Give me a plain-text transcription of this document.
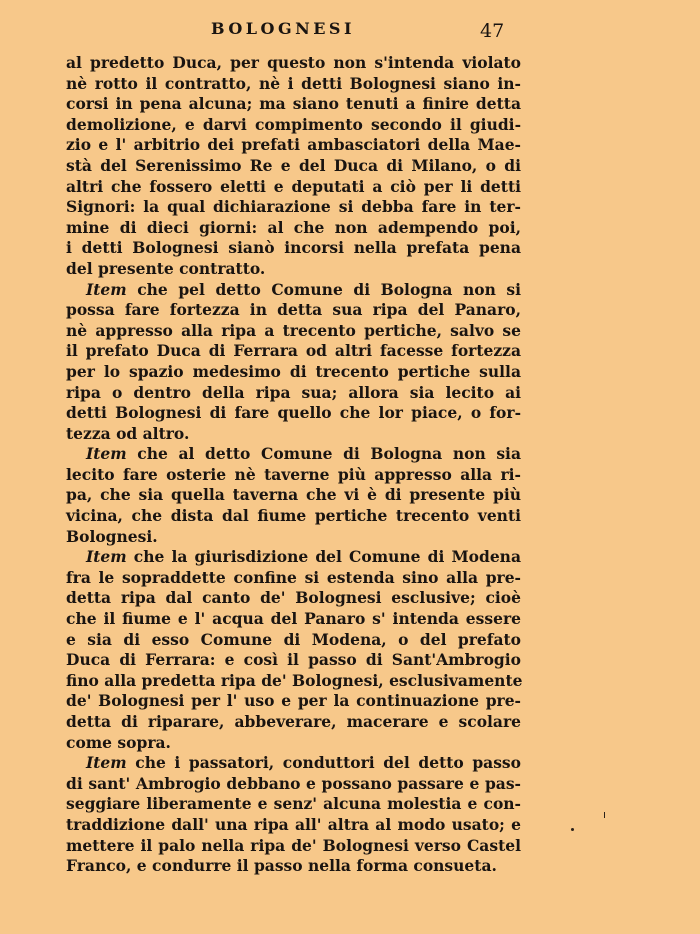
BOLOGNESI	47
al predetto Duca, per questo non s'intenda violato
nè rotto il contratto, nè i detti Bolognesi siano in-
corsi in pena alcuna; ma siano tenuti a finire detta
demolizione, e darvi compimento secondo il giudi-
zio e l' arbitrio dei prefati ambasciatori della Mae-
stà del Serenissimo Re e del Duca di Milano, o di
altri che fossero eletti e deputati a ciò per li detti
Signori: la qual dichiarazione si debba fare in ter-
mine di dieci giorni: al che non adempendo poi,
i detti Bolognesi sianò incorsi nella prefata pena
del presente contratto.
Item che pel detto Comune di Bologna non si
possa fare fortezza in detta sua ripa del Panaro,
nè appresso alla ripa a trecento pertiche, salvo se
il prefato Duca di Ferrara od altri facesse fortezza
per lo spazio medesimo di trecento pertiche sulla
ripa o dentro della ripa sua; allora sia lecito ai
detti Bolognesi di fare quello che lor piace, o for-
tezza od altro.
Item che al detto Comune di Bologna non sia
lecito fare osterie nè taverne più appresso alla ri-
pa, che sia quella taverna che vi è di presente più
vicina, che dista dal fiume pertiche trecento venti
Bolognesi.
Item che la giurisdizione del Comune di Modena
fra le sopraddette confine si estenda sino alla pre-
detta ripa dal canto de' Bolognesi esclusive; cioè
che il fiume e l' acqua del Panaro s' intenda essere
e sia di esso Comune di Modena, o del prefato
Duca di Ferrara: e così il passo di Sant'Ambrogio
fino alla predetta ripa de' Bolognesi, esclusivamente
de' Bolognesi per l' uso e per la continuazione pre-
detta di riparare, abbeverare, macerare e scolare
come sopra.
Item che i passatori, conduttori del detto passo
di sant' Ambrogio debbano e possano passare e pas-
seggiare liberamente e senz' alcuna molestia e con-
traddizione dall' una ripa all' altra al modo usato; e
mettere il palo nella ripa de' Bolognesi verso Castel
Franco, e condurre il passo nella forma consueta.
